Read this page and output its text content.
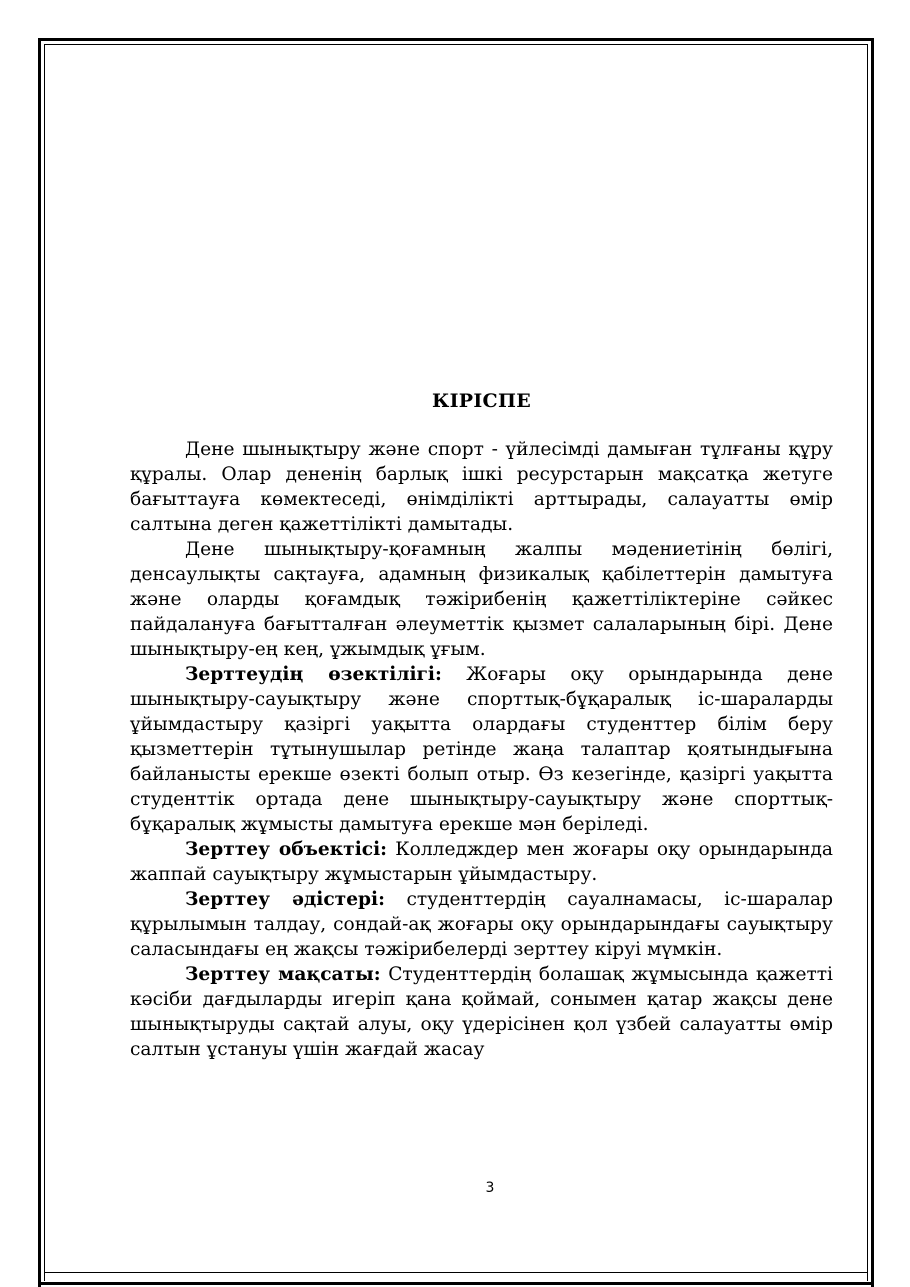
КІРІСПЕ

Дене шынықтыру және спорт - үйлесімді дамыған тұлғаны құру құралы. Олар дененің барлық ішкі ресурстарын мақсатқа жетуге бағыттауға көмектеседі, өнімділікті арттырады, салауатты өмір салтына деген қажеттілікті дамытады.

Дене шынықтыру-қоғамның жалпы мәдениетінің бөлігі, денсаулықты сақтауға, адамның физикалық қабілеттерін дамытуға және оларды қоғамдық тәжірибенің қажеттіліктеріне сәйкес пайдалануға бағытталған әлеуметтік қызмет салаларының бірі. Дене шынықтыру-ең кең, ұжымдық ұғым.

Зерттеудің өзектілігі: Жоғары оқу орындарында дене шынықтыру-сауықтыру және спорттық-бұқаралық іс-шараларды ұйымдастыру қазіргі уақытта олардағы студенттер білім беру қызметтерін тұтынушылар ретінде жаңа талаптар қоятындығына байланысты ерекше өзекті болып отыр. Өз кезегінде, қазіргі уақытта студенттік ортада дене шынықтыру-сауықтыру және спорттық-бұқаралық жұмысты дамытуға ерекше мән беріледі.

Зерттеу объектісі: Колледждер мен жоғары оқу орындарында жаппай сауықтыру жұмыстарын ұйымдастыру.

Зерттеу әдістері: студенттердің сауалнамасы, іс-шаралар құрылымын талдау, сондай-ақ жоғары оқу орындарындағы сауықтыру саласындағы ең жақсы тәжірибелерді зерттеу кіруі мүмкін.

Зерттеу мақсаты: Студенттердің болашақ жұмысында қажетті кәсіби дағдыларды игеріп қана қоймай, сонымен қатар жақсы дене шынықтыруды сақтай алуы, оқу үдерісінен қол үзбей салауатты өмір салтын ұстануы үшін жағдай жасау

3
